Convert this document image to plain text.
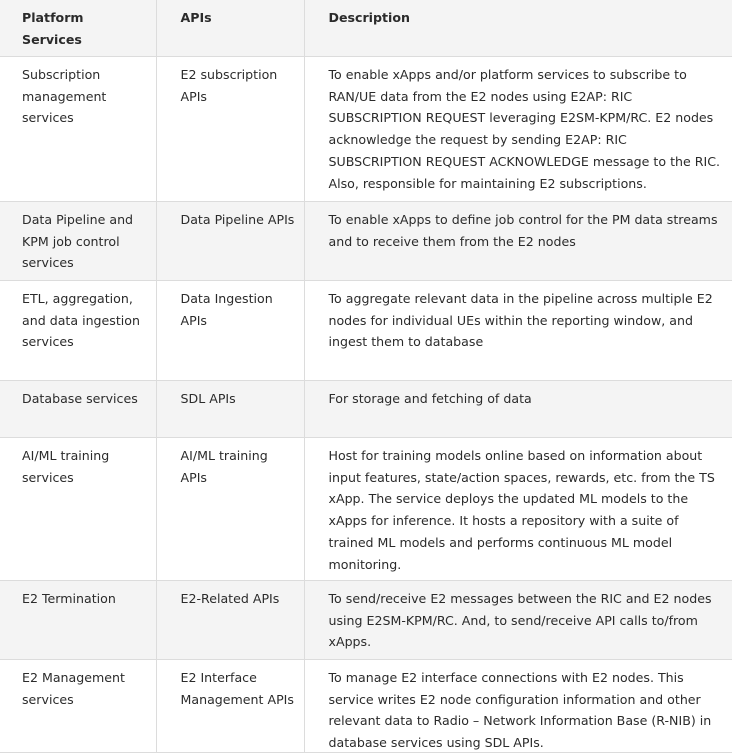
Platform Services	APIs	Description

Subscription management services	E2 subscription APIs	To enable xApps and/or platform services to subscribe to RAN/UE data from the E2 nodes using E2AP: RIC SUBSCRIPTION REQUEST leveraging E2SM-KPM/RC. E2 nodes acknowledge the request by sending E2AP: RIC SUBSCRIPTION REQUEST ACKNOWLEDGE message to the RIC. Also, responsible for maintaining E2 subscriptions.

Data Pipeline and KPM job control services	Data Pipeline APIs	To enable xApps to define job control for the PM data streams and to receive them from the E2 nodes

ETL, aggregation, and data ingestion services	Data Ingestion APIs	To aggregate relevant data in the pipeline across multiple E2 nodes for individual UEs within the reporting window, and ingest them to database

Database services	SDL APIs	For storage and fetching of data

AI/ML training services	AI/ML training APIs	Host for training models online based on information about input features, state/action spaces, rewards, etc. from the TS xApp. The service deploys the updated ML models to the xApps for inference. It hosts a repository with a suite of trained ML models and performs continuous ML model monitoring.

E2 Termination	E2-Related APIs	To send/receive E2 messages between the RIC and E2 nodes using E2SM-KPM/RC. And, to send/receive API calls to/from xApps.

E2 Management services	E2 Interface Management APIs	To manage E2 interface connections with E2 nodes. This service writes E2 node configuration information and other relevant data to Radio – Network Information Base (R-NIB) in database services using SDL APIs.
